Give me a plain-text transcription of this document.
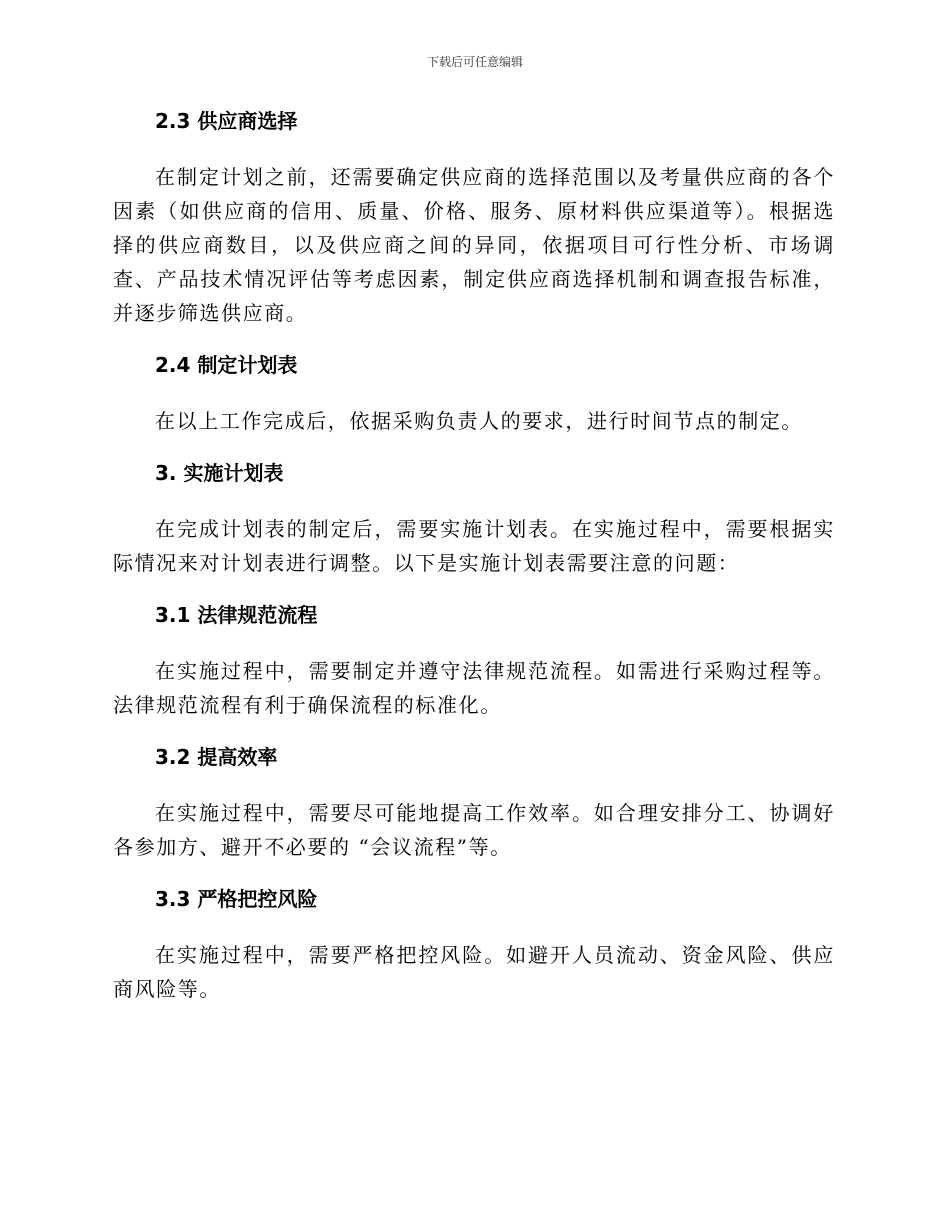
下载后可任意编辑
2.3 供应商选择

在制定计划之前，还需要确定供应商的选择范围以及考量供应商的各个因素（如供应商的信用、质量、价格、服务、原材料供应渠道等）。根据选择的供应商数目，以及供应商之间的异同，依据项目可行性分析、市场调查、产品技术情况评估等考虑因素，制定供应商选择机制和调查报告标准，并逐步筛选供应商。

2.4 制定计划表

在以上工作完成后，依据采购负责人的要求，进行时间节点的制定。

3. 实施计划表

在完成计划表的制定后，需要实施计划表。在实施过程中，需要根据实际情况来对计划表进行调整。以下是实施计划表需要注意的问题：

3.1 法律规范流程

在实施过程中，需要制定并遵守法律规范流程。如需进行采购过程等。法律规范流程有利于确保流程的标准化。

3.2 提高效率

在实施过程中，需要尽可能地提高工作效率。如合理安排分工、协调好各参加方、避开不必要的 “会议流程”等。

3.3 严格把控风险

在实施过程中，需要严格把控风险。如避开人员流动、资金风险、供应商风险等。
